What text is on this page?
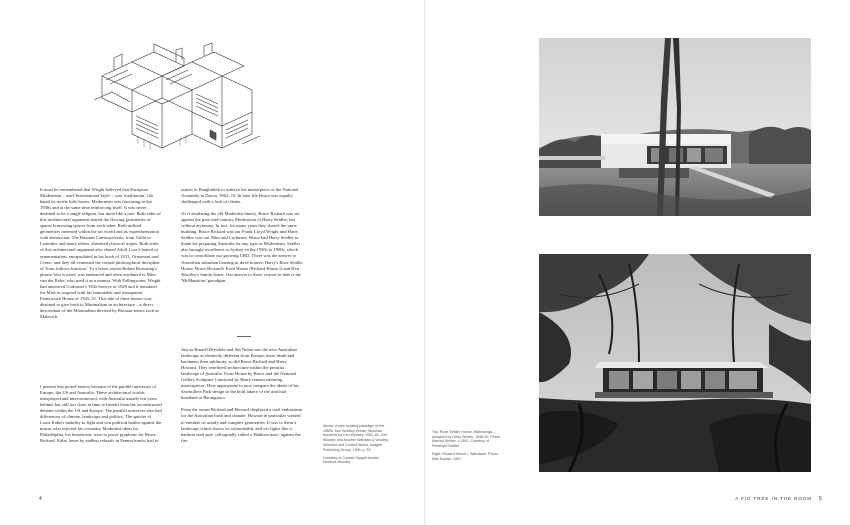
It must be remembered that Wright believed that European Modernism – read 'International Style' – was 'totalitarian', life hated its sterile little boxes. Modernism was fracturing in the 1930s and at the same time reinforcing itself. It was never destined to be a single religion, but more like a tree. Both sides of this architectural argument shared the flowing geometries of spaces borrowing spaces from each other. Both utilised geometries invented within the art world and its experimentation with abstraction. The Russian Constructivists, from Tatlin to Leonidov and many others, shattered classical tropes. Both sides of this architectural argument also shared Adolf Loos's hatred of ornamentation, encapsulated in his book of 1913, Ornament and Crime, and they all venerated the central philosophical discipline of 'form follows function'. To a lesser extent Robert Browning's phrase 'less is more' was embraced and often attributed to Mies van der Rohe, who used it as a mantra. With Fallingwater, Wright had answered Corbusier's Villa Savoye of 1929 and it remained for Mies to respond with his immutable and transparent Farnsworth House of 1945–51. This tale of three houses was destined to give birth to Minimalism in architecture – a direct descendant of the Minimalism devised by Russian artists such as Malevich.

I present this potted history because of the parallel universes of Europe, the US and Australia. These architectural worlds interplayed and interconnected, with Australia usually ten years behind, but still too close in time to benefit from the reconstructed debates within the US and Europe. The parallel universes also had differences of climate, landscape and politics. The spectre of Louis Kahn's inability to fight and win political battles against the mayor who rejected his visionary Modernist ideas for Philadelphia, his hometown, were to prove prophetic for Bruce Rickard. Kahn, beset by endless refusals in Pennsylvania, had to

retreat to Bangladesh to achieve his masterpiece of the National Assembly in Dacca, 1962–74. In later life Bruce was equally challenged with a lack of clients.

As if emulating the old Modernist binary, Bruce Rickard was set against the pure mid-century Modernism of Harry Seidler, but without acrimony. In fact, for many years they shared the same building. Bruce Rickard was our Frank Lloyd Wright and Harry Seidler was our Mies and Corbusier. Bruce had Harry Seidler to thank for preparing Australia for any type of Modernism. Seidler also brought excellence to Sydney in the 1950s to 1980s, which was to consolidate our growing CBD. There was the answer to Australian suburban housing in three houses: Harry's Rose Seidler House, Bruce Rickard's Evatt House (Rickard House I) and Ken Woolley's family home. Our answer to these visions to date is the 'McMansions' paradigm.

Just as Russell Drysdale and Sid Nolan saw the new Australian landscape as distinctly different from Europe, more death and harshness than sublimity, so did Bruce Rickard and Harry Howard. They redefined architecture within the peculiar landscape of Australia. Evatt House by Bruce and the National Gallery Sculpture Courtyard by Harry remain enduring masterpieces. How appropriate to now compare the ideals of his Sawmillers Park design to the bold fakery of the artificial headland at Barangaroo.

From the outset Rickard and Howard displayed a total enthusiasm for the Australian bush and climate. Howard in particular wanted to emulate its untidy and complex geometries. It was to them a landscape which shows its vulnerability and yet fights like a banksia seed pod, colloquially called a 'Banksia man', against the fire

Above: A new housing paradigm of the 1960s, Ken Woolley House, Mosman, isometric by Ken Woolley, 1961–62. Ken Woolley and Another Wardlaw & Woolley, Selected and Current Works, Images Publishing Group, 1999, p. 53.

Courtesy of Conrad Gargett Ancher Mortlock Woolley

Top: Rose Seidler House, Wahroonga, designed by Harry Seidler, 1948-50. Photo: Marcell Seidler, c.1951. Courtesy of Penelope Seidler

Right: Rickard House I, Warrawee. Photo: Max Dupain, 1961

4	A FIG TREE IN THE ROOM 5
